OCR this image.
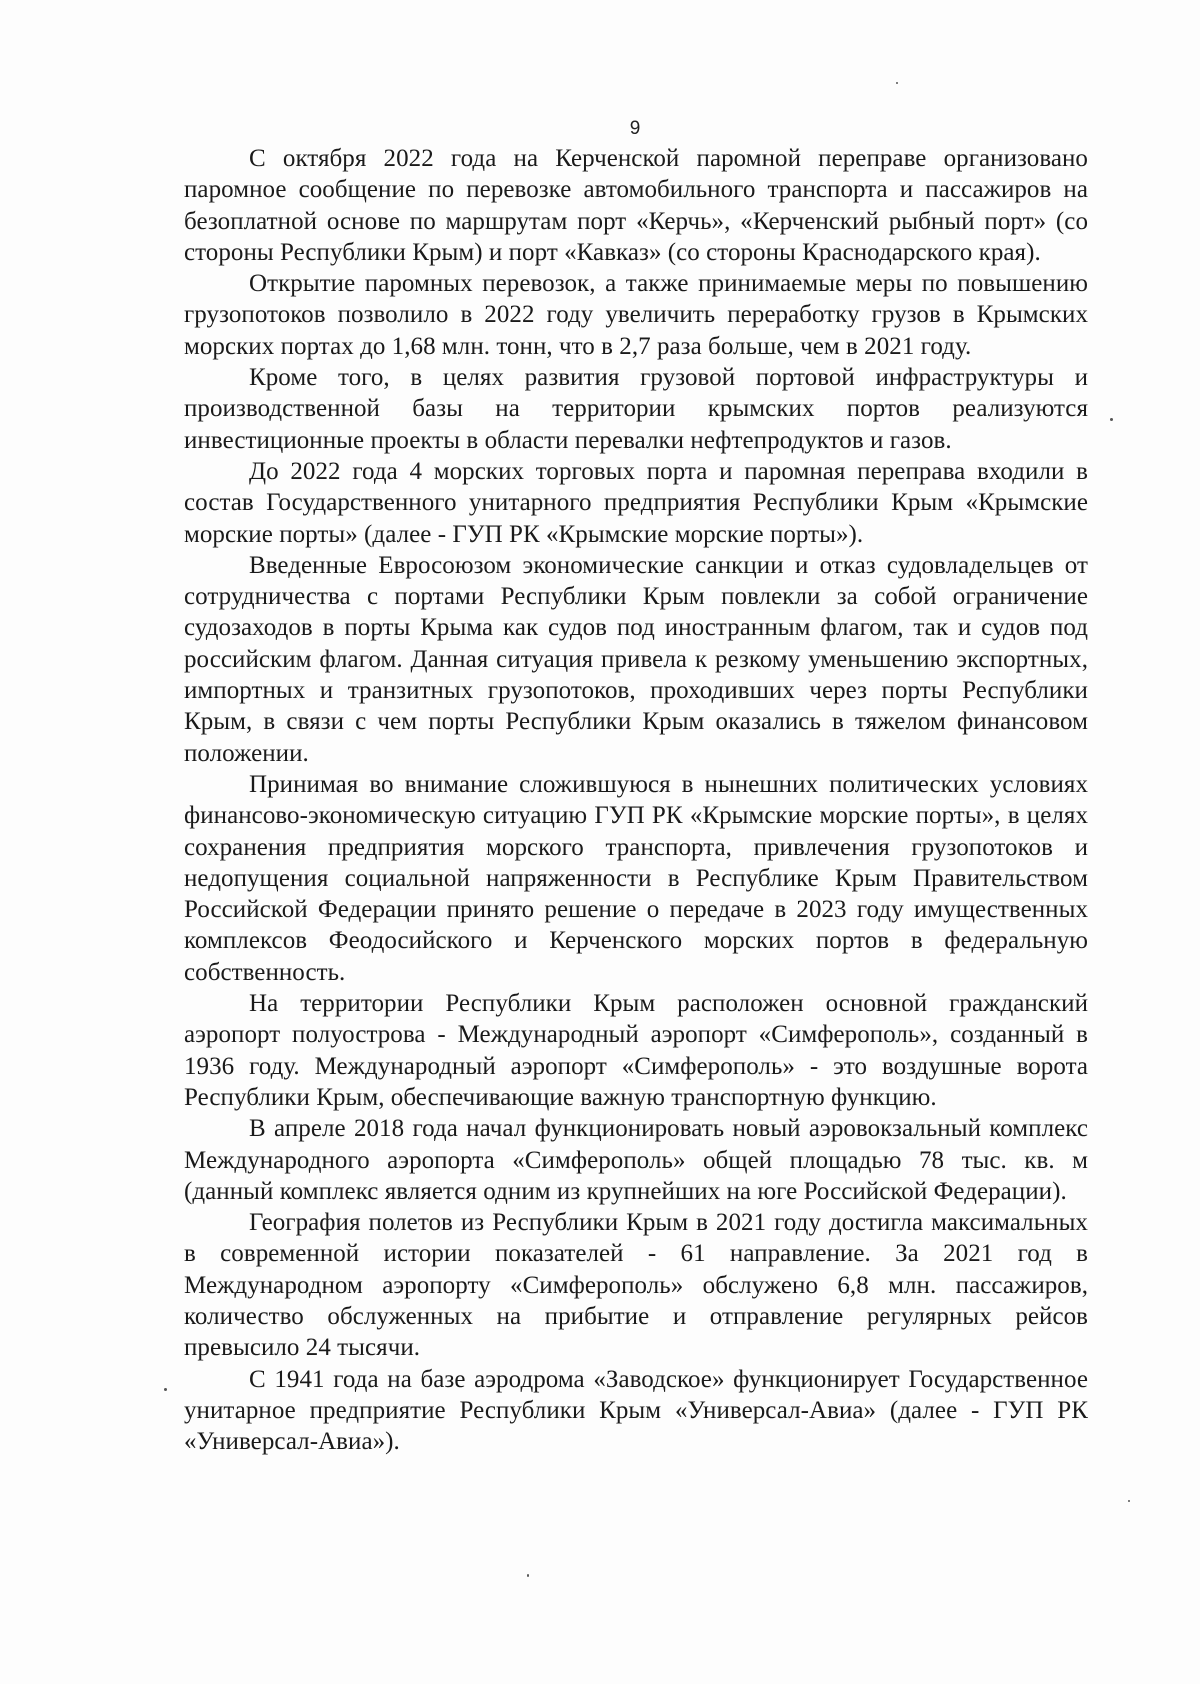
9

С октября 2022 года на Керченской паромной переправе организовано паромное сообщение по перевозке автомобильного транспорта и пассажиров на безоплатной основе по маршрутам порт «Керчь», «Керченский рыбный порт» (со стороны Республики Крым) и порт «Кавказ» (со стороны Краснодарского края).

Открытие паромных перевозок, а также принимаемые меры по повышению грузопотоков позволило в 2022 году увеличить переработку грузов в Крымских морских портах до 1,68 млн. тонн, что в 2,7 раза больше, чем в 2021 году.

Кроме того, в целях развития грузовой портовой инфраструктуры и производственной базы на территории крымских портов реализуются инвестиционные проекты в области перевалки нефтепродуктов и газов.

До 2022 года 4 морских торговых порта и паромная переправа входили в состав Государственного унитарного предприятия Республики Крым «Крымские морские порты» (далее - ГУП РК «Крымские морские порты»).

Введенные Евросоюзом экономические санкции и отказ судовладельцев от сотрудничества с портами Республики Крым повлекли за собой ограничение судозаходов в порты Крыма как судов под иностранным флагом, так и судов под российским флагом. Данная ситуация привела к резкому уменьшению экспортных, импортных и транзитных грузопотоков, проходивших через порты Республики Крым, в связи с чем порты Республики Крым оказались в тяжелом финансовом положении.

Принимая во внимание сложившуюся в нынешних политических условиях финансово-экономическую ситуацию ГУП РК «Крымские морские порты», в целях сохранения предприятия морского транспорта, привлечения грузопотоков и недопущения социальной напряженности в Республике Крым Правительством Российской Федерации принято решение о передаче в 2023 году имущественных комплексов Феодосийского и Керченского морских портов в федеральную собственность.

На территории Республики Крым расположен основной гражданский аэропорт полуострова - Международный аэропорт «Симферополь», созданный в 1936 году. Международный аэропорт «Симферополь» - это воздушные ворота Республики Крым, обеспечивающие важную транспортную функцию.

В апреле 2018 года начал функционировать новый аэровокзальный комплекс Международного аэропорта «Симферополь» общей площадью 78 тыс. кв. м (данный комплекс является одним из крупнейших на юге Российской Федерации).

География полетов из Республики Крым в 2021 году достигла максимальных в современной истории показателей - 61 направление. За 2021 год в Международном аэропорту «Симферополь» обслужено 6,8 млн. пассажиров, количество обслуженных на прибытие и отправление регулярных рейсов превысило 24 тысячи.

С 1941 года на базе аэродрома «Заводское» функционирует Государственное унитарное предприятие Республики Крым «Универсал-Авиа» (далее - ГУП РК «Универсал-Авиа»).
